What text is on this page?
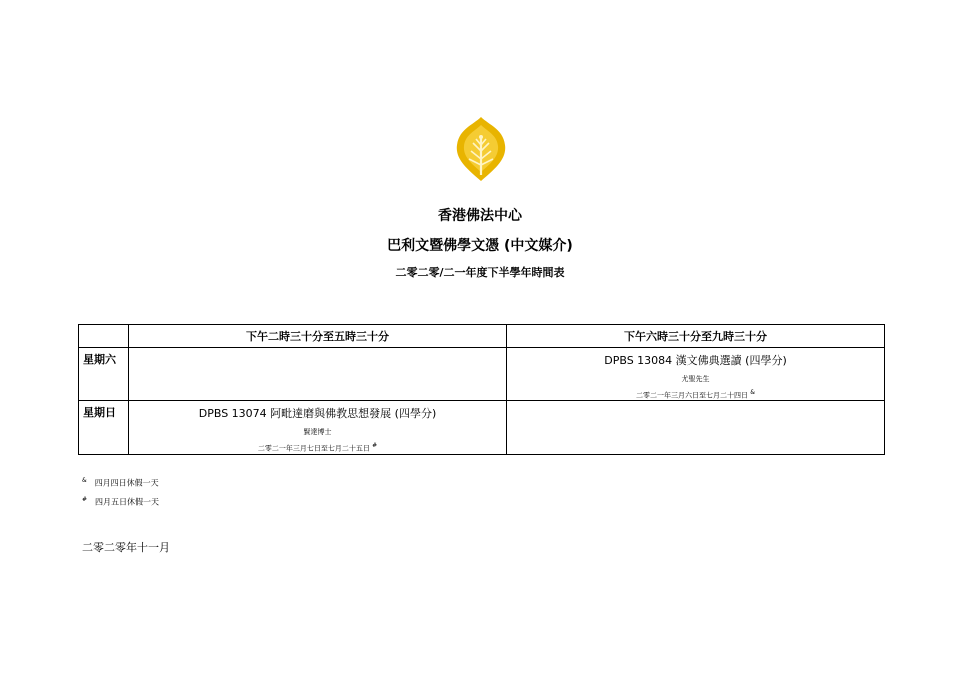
香港佛法中心
巴利文暨佛學文憑 (中文媒介)
二零二零/二一年度下半學年時間表
	下午二時三十分至五時三十分	下午六時三十分至九時三十分
星期六		DPBS 13084 漢文佛典選讀 (四學分)
尤聖先生
二零二一年三月六日至七月二十四日 &

星期日	DPBS 13074 阿毗達磨與佛教思想發展 (四學分)
賢達博士
二零二一年三月七日至七月二十五日 #

& 四月四日休假一天
# 四月五日休假一天
二零二零年十一月
